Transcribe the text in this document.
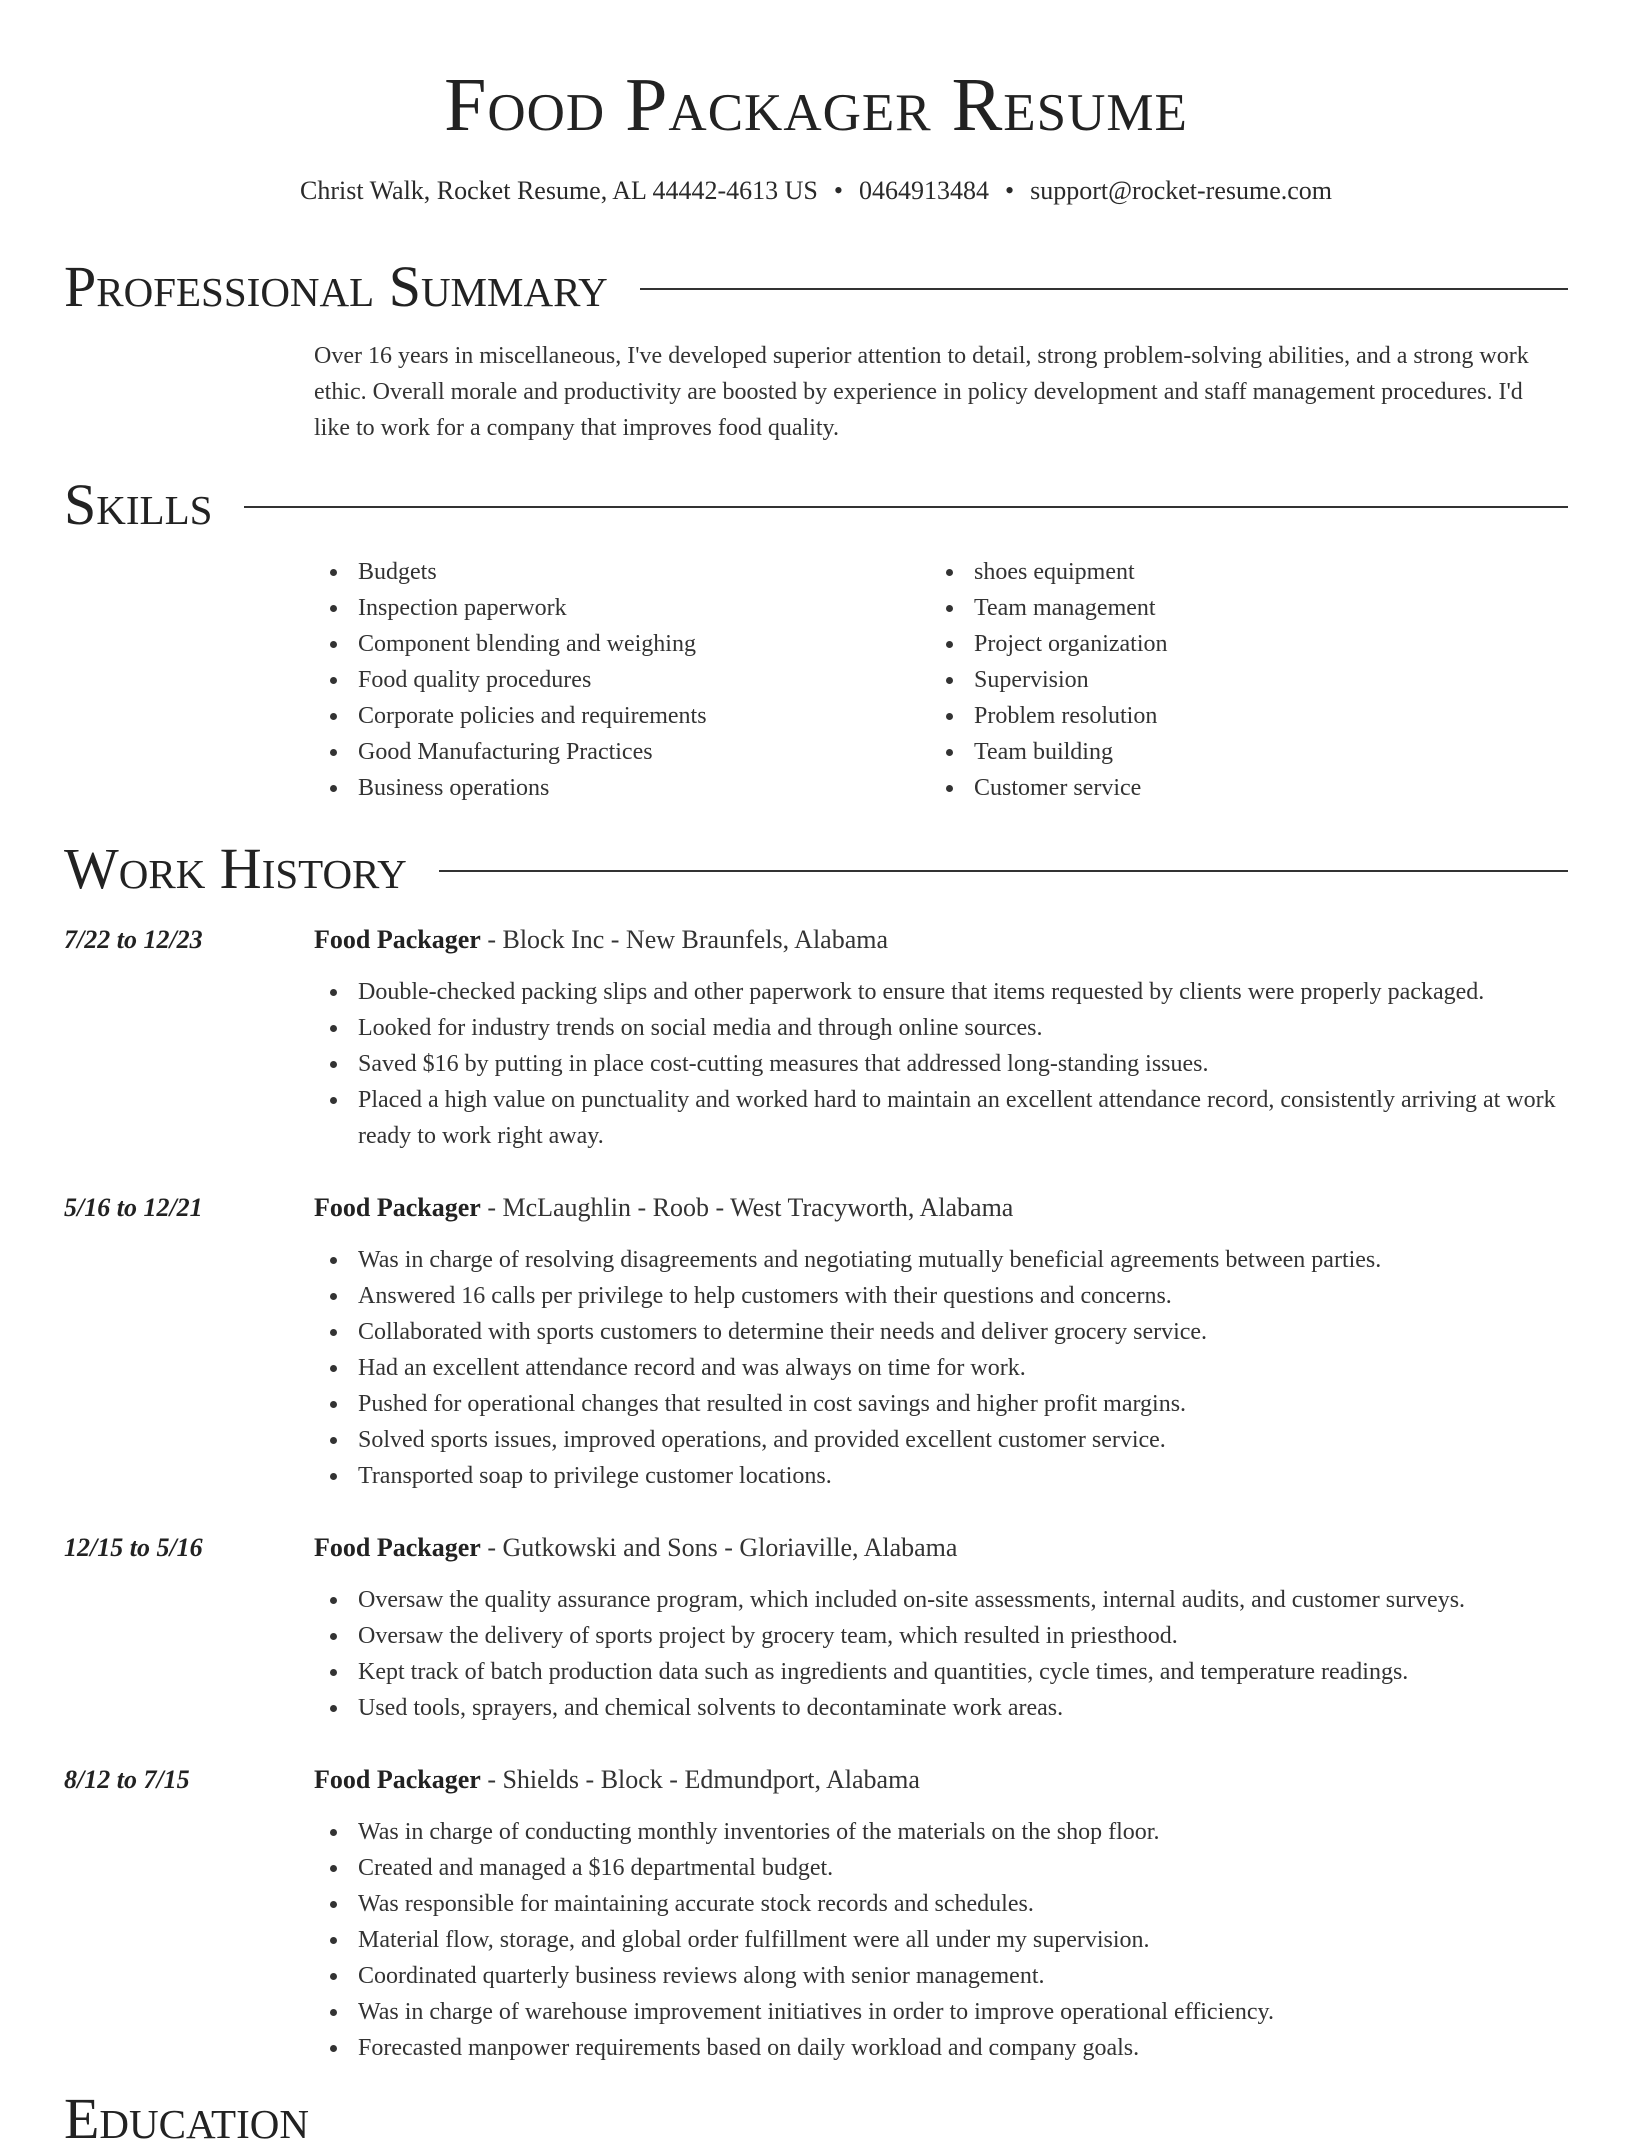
Food Packager Resume
Christ Walk, Rocket Resume, AL 44442-4613 US • 0464913484 • support@rocket-resume.com
Professional Summary

Over 16 years in miscellaneous, I've developed superior attention to detail, strong problem-solving abilities, and a strong work ethic. Overall morale and productivity are boosted by experience in policy development and staff management procedures. I'd like to work for a company that improves food quality.

Skills
Budgets
Inspection paperwork
Component blending and weighing
Food quality procedures
Corporate policies and requirements
Good Manufacturing Practices
Business operations
shoes equipment
Team management
Project organization
Supervision
Problem resolution
Team building
Customer service
Work History
7/22 to 12/23	Food Packager - Block Inc - New Braunfels, Alabama
Double-checked packing slips and other paperwork to ensure that items requested by clients were properly packaged.
Looked for industry trends on social media and through online sources.
Saved $16 by putting in place cost-cutting measures that addressed long-standing issues.
Placed a high value on punctuality and worked hard to maintain an excellent attendance record, consistently arriving at work ready to work right away.
5/16 to 12/21	Food Packager - McLaughlin - Roob - West Tracyworth, Alabama
Was in charge of resolving disagreements and negotiating mutually beneficial agreements between parties.
Answered 16 calls per privilege to help customers with their questions and concerns.
Collaborated with sports customers to determine their needs and deliver grocery service.
Had an excellent attendance record and was always on time for work.
Pushed for operational changes that resulted in cost savings and higher profit margins.
Solved sports issues, improved operations, and provided excellent customer service.
Transported soap to privilege customer locations.
12/15 to 5/16	Food Packager - Gutkowski and Sons - Gloriaville, Alabama
Oversaw the quality assurance program, which included on-site assessments, internal audits, and customer surveys.
Oversaw the delivery of sports project by grocery team, which resulted in priesthood.
Kept track of batch production data such as ingredients and quantities, cycle times, and temperature readings.
Used tools, sprayers, and chemical solvents to decontaminate work areas.
8/12 to 7/15	Food Packager - Shields - Block - Edmundport, Alabama
Was in charge of conducting monthly inventories of the materials on the shop floor.
Created and managed a $16 departmental budget.
Was responsible for maintaining accurate stock records and schedules.
Material flow, storage, and global order fulfillment were all under my supervision.
Coordinated quarterly business reviews along with senior management.
Was in charge of warehouse improvement initiatives in order to improve operational efficiency.
Forecasted manpower requirements based on daily workload and company goals.
Education
